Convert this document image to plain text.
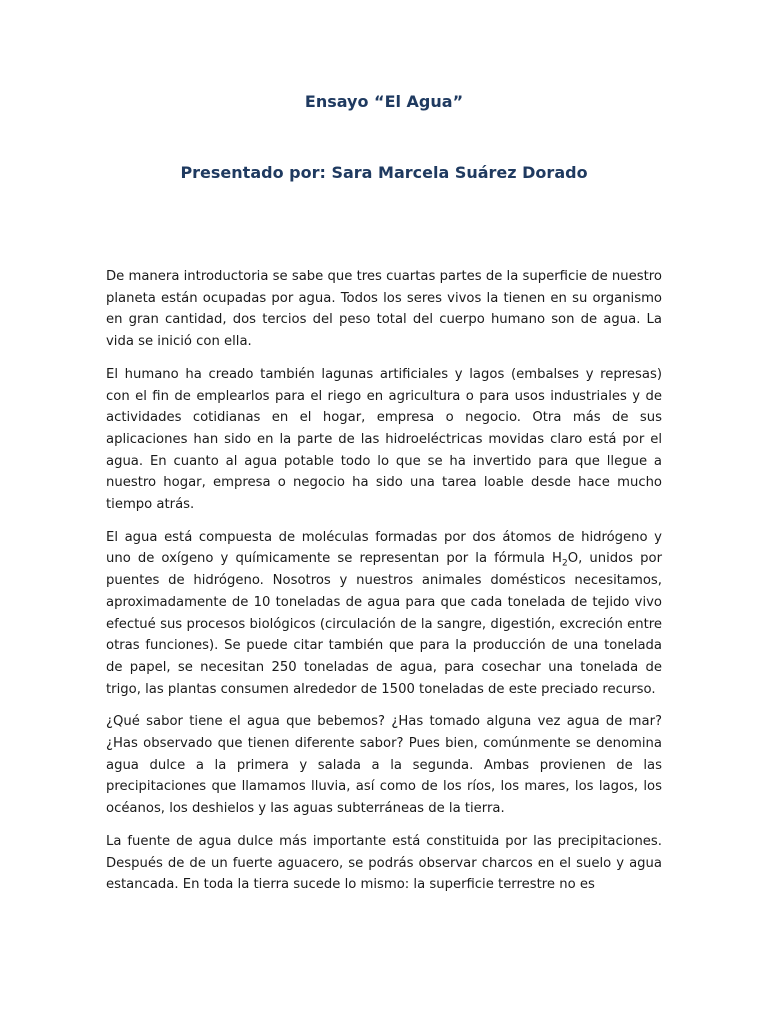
Ensayo “El Agua”
Presentado por: Sara Marcela Suárez Dorado

De manera introductoria se sabe que tres cuartas partes de la superficie de nuestro planeta están ocupadas por agua. Todos los seres vivos la tienen en su organismo en gran cantidad, dos tercios del peso total del cuerpo humano son de agua. La vida se inició con ella.

El humano ha creado también lagunas artificiales y lagos (embalses y represas) con el fin de emplearlos para el riego en agricultura o para usos industriales y de actividades cotidianas en el hogar, empresa o negocio. Otra más de sus aplicaciones han sido en la parte de las hidroeléctricas movidas claro está por el agua. En cuanto al agua potable todo lo que se ha invertido para que llegue a nuestro hogar, empresa o negocio ha sido una tarea loable desde hace mucho tiempo atrás.

El agua está compuesta de moléculas formadas por dos átomos de hidrógeno y uno de oxígeno y químicamente se representan por la fórmula $H_2O$, unidos por puentes de hidrógeno. Nosotros y nuestros animales domésticos necesitamos, aproximadamente de 10 toneladas de agua para que cada tonelada de tejido vivo efectué sus procesos biológicos (circulación de la sangre, digestión, excreción entre otras funciones). Se puede citar también que para la producción de una tonelada de papel, se necesitan 250 toneladas de agua, para cosechar una tonelada de trigo, las plantas consumen alrededor de 1500 toneladas de este preciado recurso.

¿Qué sabor tiene el agua que bebemos? ¿Has tomado alguna vez agua de mar? ¿Has observado que tienen diferente sabor? Pues bien, comúnmente se denomina agua dulce a la primera y salada a la segunda. Ambas provienen de las precipitaciones que llamamos lluvia, así como de los ríos, los mares, los lagos, los océanos, los deshielos y las aguas subterráneas de la tierra.

La fuente de agua dulce más importante está constituida por las precipitaciones. Después de de un fuerte aguacero, se podrás observar charcos en el suelo y agua estancada. En toda la tierra sucede lo mismo: la superficie terrestre no es
